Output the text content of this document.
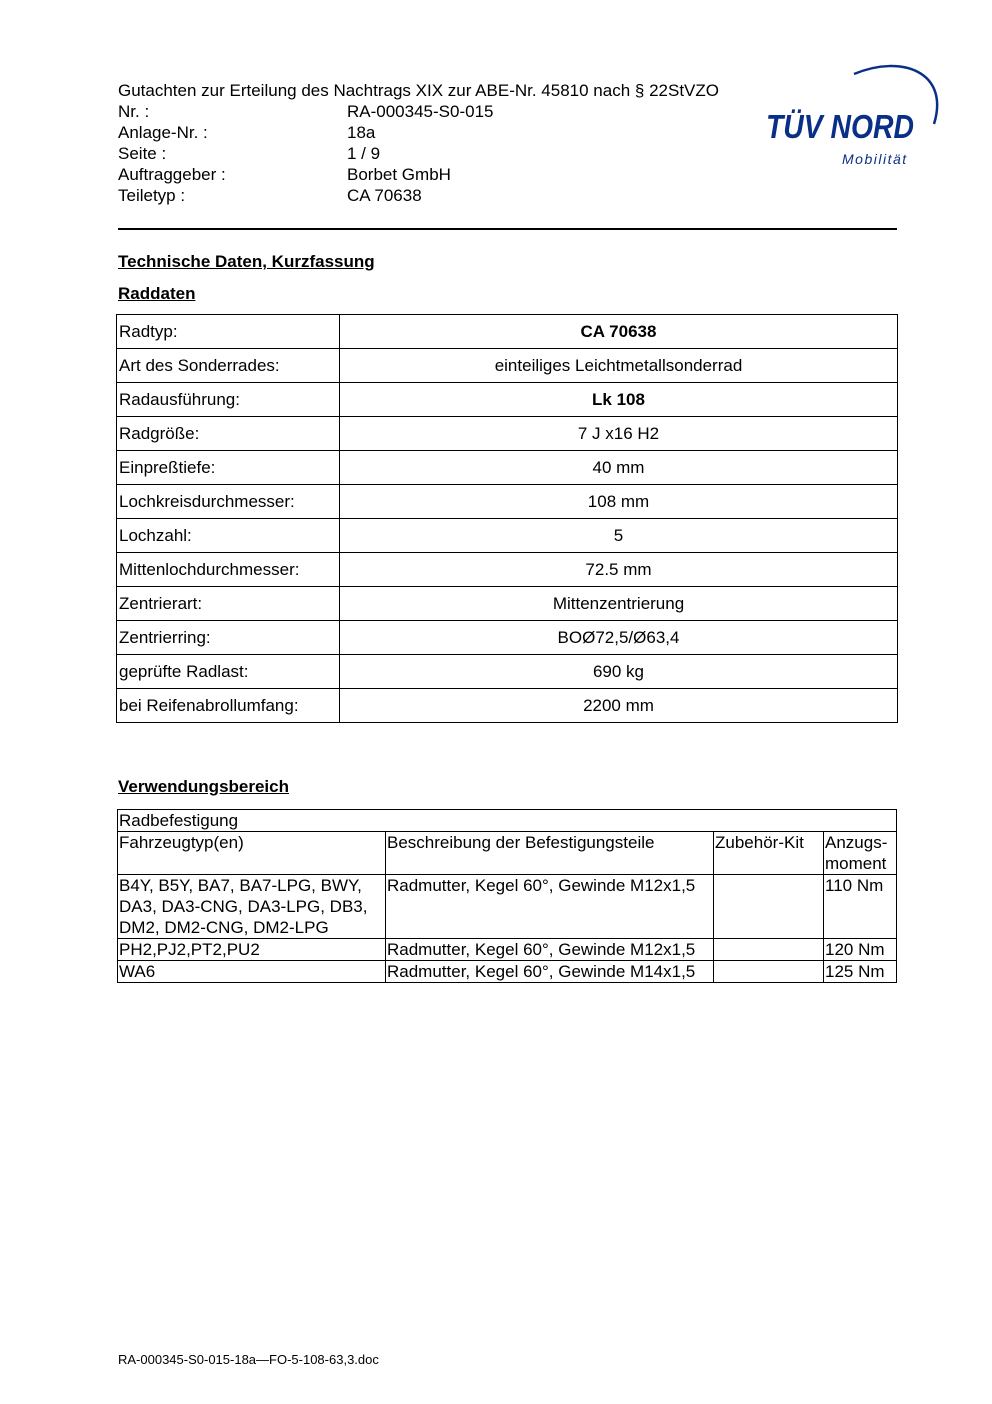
Gutachten zur Erteilung des Nachtrags XIX zur ABE-Nr. 45810 nach § 22StVZO
Nr. :	RA-000345-S0-015
Anlage-Nr. :	18a
Seite :	1 / 9
Auftraggeber :	Borbet GmbH
Teiletyp :	CA 70638
TÜV NORD
Mobilität
Technische Daten, Kurzfassung
Raddaten
Radtyp:	CA 70638
Art des Sonderrades:	einteiliges Leichtmetallsonderrad
Radausführung:	Lk 108
Radgröße:	7 J x16 H2
Einpreßtiefe:	40 mm
Lochkreisdurchmesser:	108 mm
Lochzahl:	5
Mittenlochdurchmesser:	72.5 mm
Zentrierart:	Mittenzentrierung
Zentrierring:	BOØ72,5/Ø63,4
geprüfte Radlast:	690 kg
bei Reifenabrollumfang:	2200 mm
Verwendungsbereich
Radbefestigung			
Fahrzeugtyp(en)	Beschreibung der Befestigungsteile	Zubehör-Kit	Anzugs-moment
B4Y, B5Y, BA7, BA7-LPG, BWY, DA3, DA3-CNG, DA3-LPG, DB3, DM2, DM2-CNG, DM2-LPG	Radmutter, Kegel 60°, Gewinde M12x1,5		110 Nm
PH2,PJ2,PT2,PU2	Radmutter, Kegel 60°, Gewinde M12x1,5		120 Nm
WA6	Radmutter, Kegel 60°, Gewinde M14x1,5		125 Nm
RA-000345-S0-015-18a—FO-5-108-63,3.doc
